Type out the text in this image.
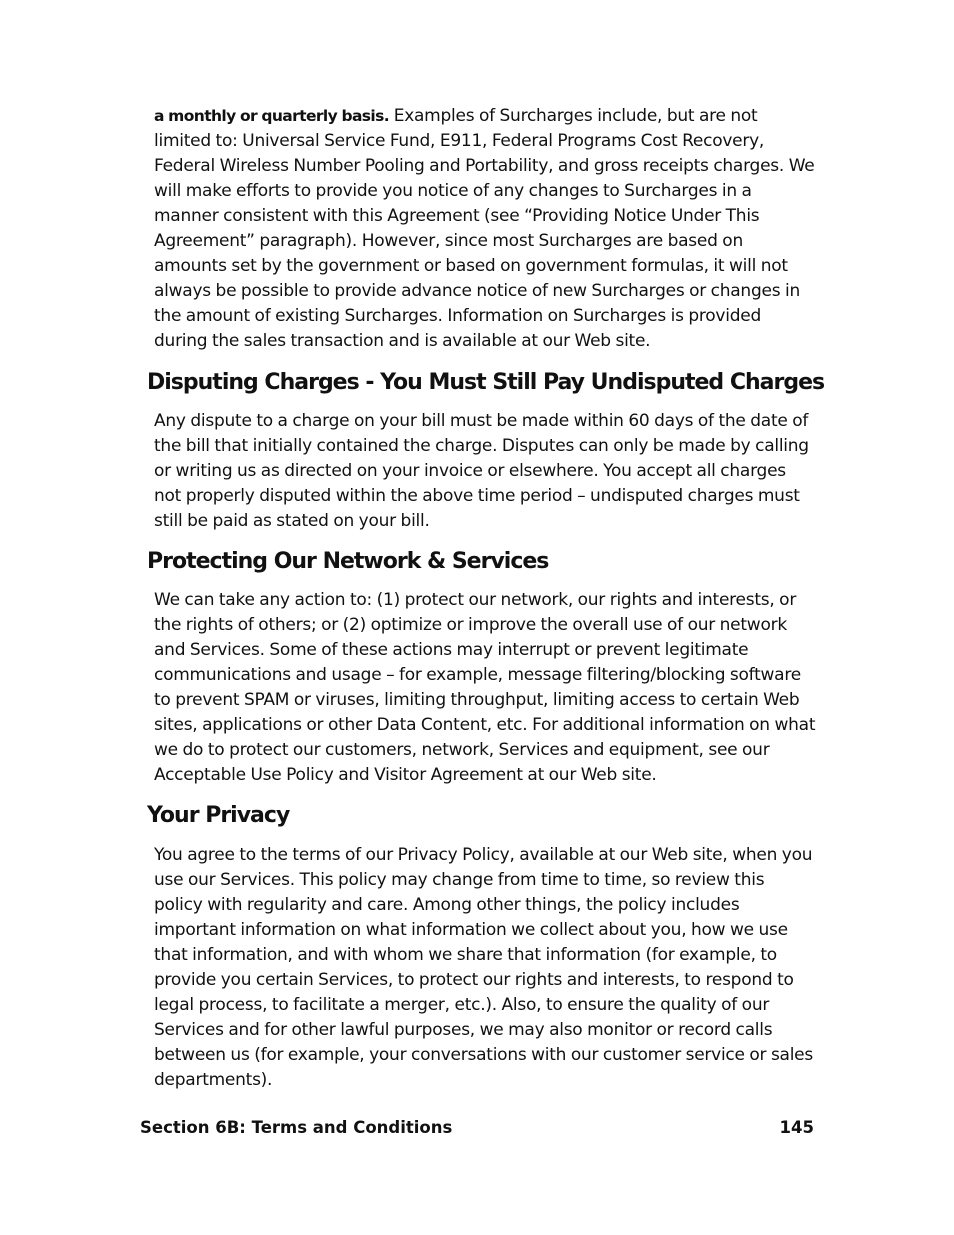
a monthly or quarterly basis. Examples of Surcharges include, but are not limited to: Universal Service Fund, E911, Federal Programs Cost Recovery, Federal Wireless Number Pooling and Portability, and gross receipts charges. We will make efforts to provide you notice of any changes to Surcharges in a manner consistent with this Agreement (see “Providing Notice Under This Agreement” paragraph). However, since most Surcharges are based on amounts set by the government or based on government formulas, it will not always be possible to provide advance notice of new Surcharges or changes in the amount of existing Surcharges. Information on Surcharges is provided during the sales transaction and is available at our Web site.

Disputing Charges - You Must Still Pay Undisputed Charges

Any dispute to a charge on your bill must be made within 60 days of the date of the bill that initially contained the charge. Disputes can only be made by calling or writing us as directed on your invoice or elsewhere. You accept all charges not properly disputed within the above time period – undisputed charges must still be paid as stated on your bill.

Protecting Our Network & Services

We can take any action to: (1) protect our network, our rights and interests, or the rights of others; or (2) optimize or improve the overall use of our network and Services. Some of these actions may interrupt or prevent legitimate communications and usage – for example, message filtering/blocking software to prevent SPAM or viruses, limiting throughput, limiting access to certain Web sites, applications or other Data Content, etc. For additional information on what we do to protect our customers, network, Services and equipment, see our Acceptable Use Policy and Visitor Agreement at our Web site.

Your Privacy

You agree to the terms of our Privacy Policy, available at our Web site, when you use our Services. This policy may change from time to time, so review this policy with regularity and care. Among other things, the policy includes important information on what information we collect about you, how we use that information, and with whom we share that information (for example, to provide you certain Services, to protect our rights and interests, to respond to legal process, to facilitate a merger, etc.). Also, to ensure the quality of our Services and for other lawful purposes, we may also monitor or record calls between us (for example, your conversations with our customer service or sales departments).

Section 6B: Terms and Conditions	145
